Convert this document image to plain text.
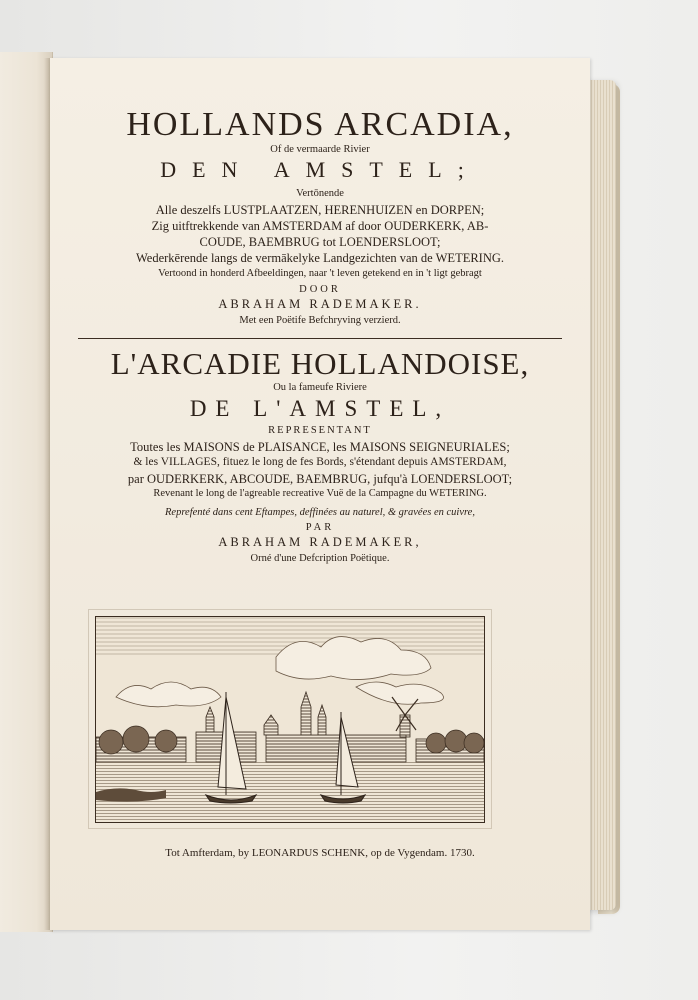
HOLLANDS ARCADIA,
Of de vermaarde Rivier
DEN AMSTEL;
Vertōnende
Alle deszelfs LUSTPLAATZEN, HERENHUIZEN en DORPEN;
Zig uitftrekkende van AMSTERDAM af door OUDERKERK, AB-
COUDE, BAEMBRUG tot LOENDERSLOOT;
Wederkērende langs de vermākelyke Landgezichten van de WETERING.
Vertoond in honderd Afbeeldingen, naar 't leven getekend en in 't ligt gebragt
DOOR
ABRAHAM RADEMAKER.
Met een Poëtife Befchryving verzierd.
L'ARCADIE HOLLANDOISE,
Ou la fameufe Riviere
DE L'AMSTEL,
REPRESENTANT
Toutes les MAISONS de PLAISANCE, les MAISONS SEIGNEURIALES;
& les VILLAGES, fituez le long de fes Bords, s'étendant depuis AMSTERDAM,
par OUDERKERK, ABCOUDE, BAEMBRUG, jufqu'à LOENDERSLOOT;
Revenant le long de l'agreable recreative Vuë de la Campagne du WETERING.
Reprefenté dans cent Eftampes, deffinées au naturel, & gravées en cuivre,
PAR
ABRAHAM RADEMAKER,
Orné d'une Defcription Poëtique.
Tot Amfterdam, by LEONARDUS SCHENK, op de Vygendam. 1730.
